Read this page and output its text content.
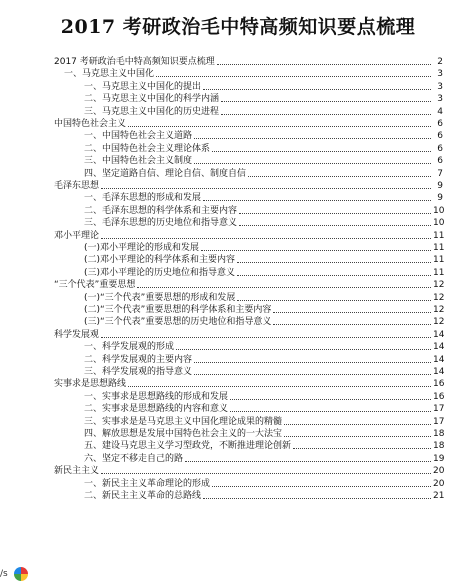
2017 考研政治毛中特高频知识要点梳理
2017 考研政治毛中特高频知识要点梳理	2
一、马克思主义中国化	3
一、马克思主义中国化的提出	3
二、马克思主义中国化的科学内涵	3
三、马克思主义中国化的历史进程	4
中国特色社会主义	6
一、中国特色社会主义道路	6
二、中国特色社会主义理论体系	6
三、中国特色社会主义制度	6
四、坚定道路自信、理论自信、制度自信	7
毛泽东思想	9
一、毛泽东思想的形成和发展	9
二、毛泽东思想的科学体系和主要内容	10
三、毛泽东思想的历史地位和指导意义	10
邓小平理论	11
(一)邓小平理论的形成和发展	11
(二)邓小平理论的科学体系和主要内容	11
(三)邓小平理论的历史地位和指导意义	11
“三个代表”重要思想	12
(一)“三个代表”重要思想的形成和发展	12
(二)“三个代表”重要思想的科学体系和主要内容	12
(三)“三个代表”重要思想的历史地位和指导意义	12
科学发展观	14
一、科学发展观的形成	14
二、科学发展观的主要内容	14
三、科学发展观的指导意义	14
实事求是思想路线	16
一、实事求是思想路线的形成和发展	16
二、实事求是思想路线的内容和意义	17
三、实事求是是马克思主义中国化理论成果的精髓	17
四、解放思想是发展中国特色社会主义的一大法宝	18
五、建设马克思主义学习型政党，不断推进理论创新	18
六、坚定不移走自己的路	19
新民主主义	20
一、新民主主义革命理论的形成	20
二、新民主主义革命的总路线	21
/s
